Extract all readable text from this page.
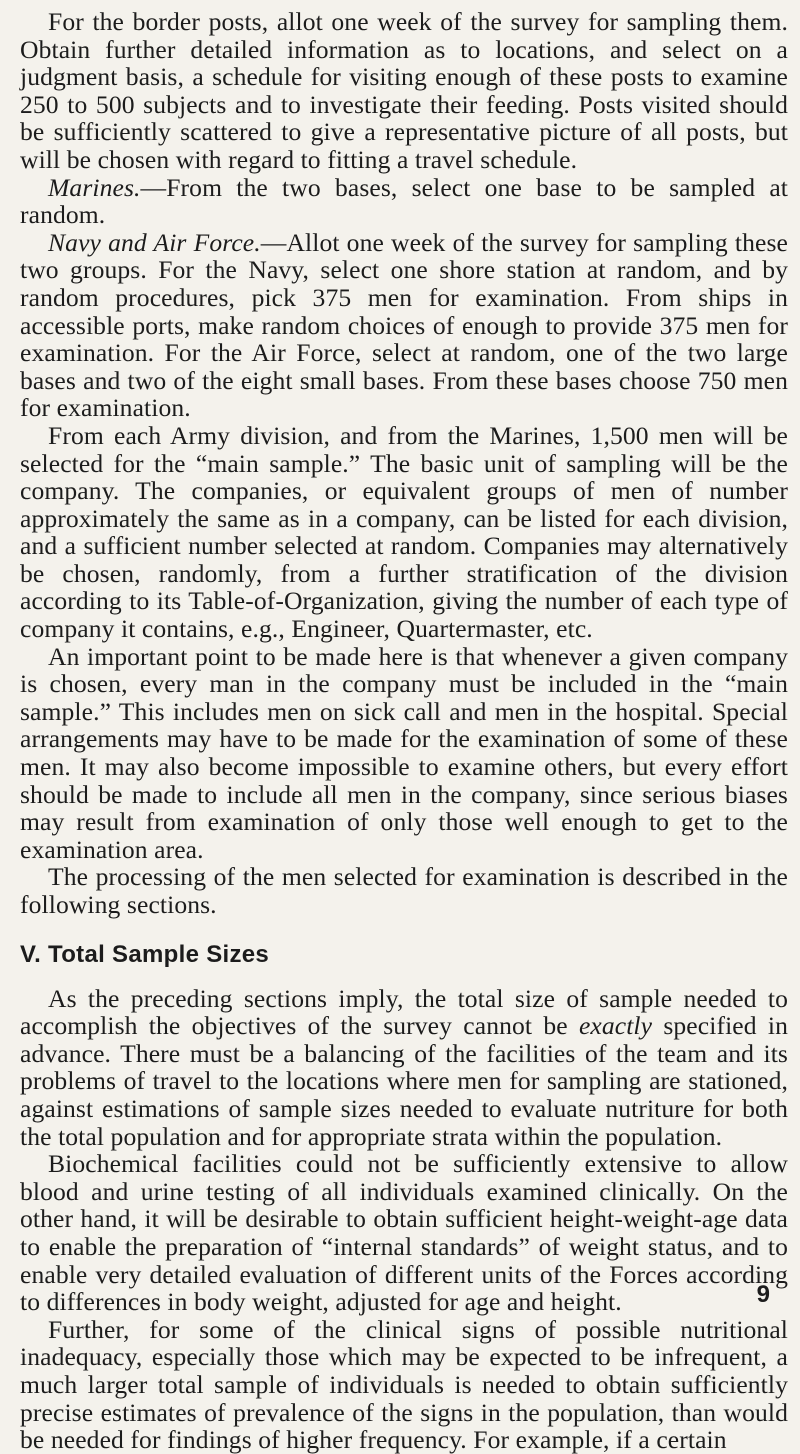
For the border posts, allot one week of the survey for sampling them. Obtain further detailed information as to locations, and select on a judgment basis, a schedule for visiting enough of these posts to examine 250 to 500 subjects and to investigate their feeding. Posts visited should be sufficiently scattered to give a representative picture of all posts, but will be chosen with regard to fitting a travel schedule.

Marines.—From the two bases, select one base to be sampled at random.

Navy and Air Force.—Allot one week of the survey for sampling these two groups. For the Navy, select one shore station at random, and by random procedures, pick 375 men for examination. From ships in accessible ports, make random choices of enough to provide 375 men for examination. For the Air Force, select at random, one of the two large bases and two of the eight small bases. From these bases choose 750 men for examination.

From each Army division, and from the Marines, 1,500 men will be selected for the “main sample.” The basic unit of sampling will be the company. The companies, or equivalent groups of men of number approximately the same as in a company, can be listed for each division, and a sufficient number selected at random. Companies may alternatively be chosen, randomly, from a further stratification of the division according to its Table-of-Organization, giving the number of each type of company it contains, e.g., Engineer, Quartermaster, etc.

An important point to be made here is that whenever a given company is chosen, every man in the company must be included in the “main sample.” This includes men on sick call and men in the hospital. Special arrangements may have to be made for the examination of some of these men. It may also become impossible to examine others, but every effort should be made to include all men in the company, since serious biases may result from examination of only those well enough to get to the examination area.

The processing of the men selected for examination is described in the following sections.

V. Total Sample Sizes

As the preceding sections imply, the total size of sample needed to accomplish the objectives of the survey cannot be exactly specified in advance. There must be a balancing of the facilities of the team and its problems of travel to the locations where men for sampling are stationed, against estimations of sample sizes needed to evaluate nutriture for both the total population and for appropriate strata within the population.

Biochemical facilities could not be sufficiently extensive to allow blood and urine testing of all individuals examined clinically. On the other hand, it will be desirable to obtain sufficient height-weight-age data to enable the preparation of “internal standards” of weight status, and to enable very detailed evaluation of different units of the Forces according to differences in body weight, adjusted for age and height.

Further, for some of the clinical signs of possible nutritional inadequacy, especially those which may be expected to be infrequent, a much larger total sample of individuals is needed to obtain sufficiently precise estimates of prevalence of the signs in the population, than would be needed for findings of higher frequency. For example, if a certain

9
